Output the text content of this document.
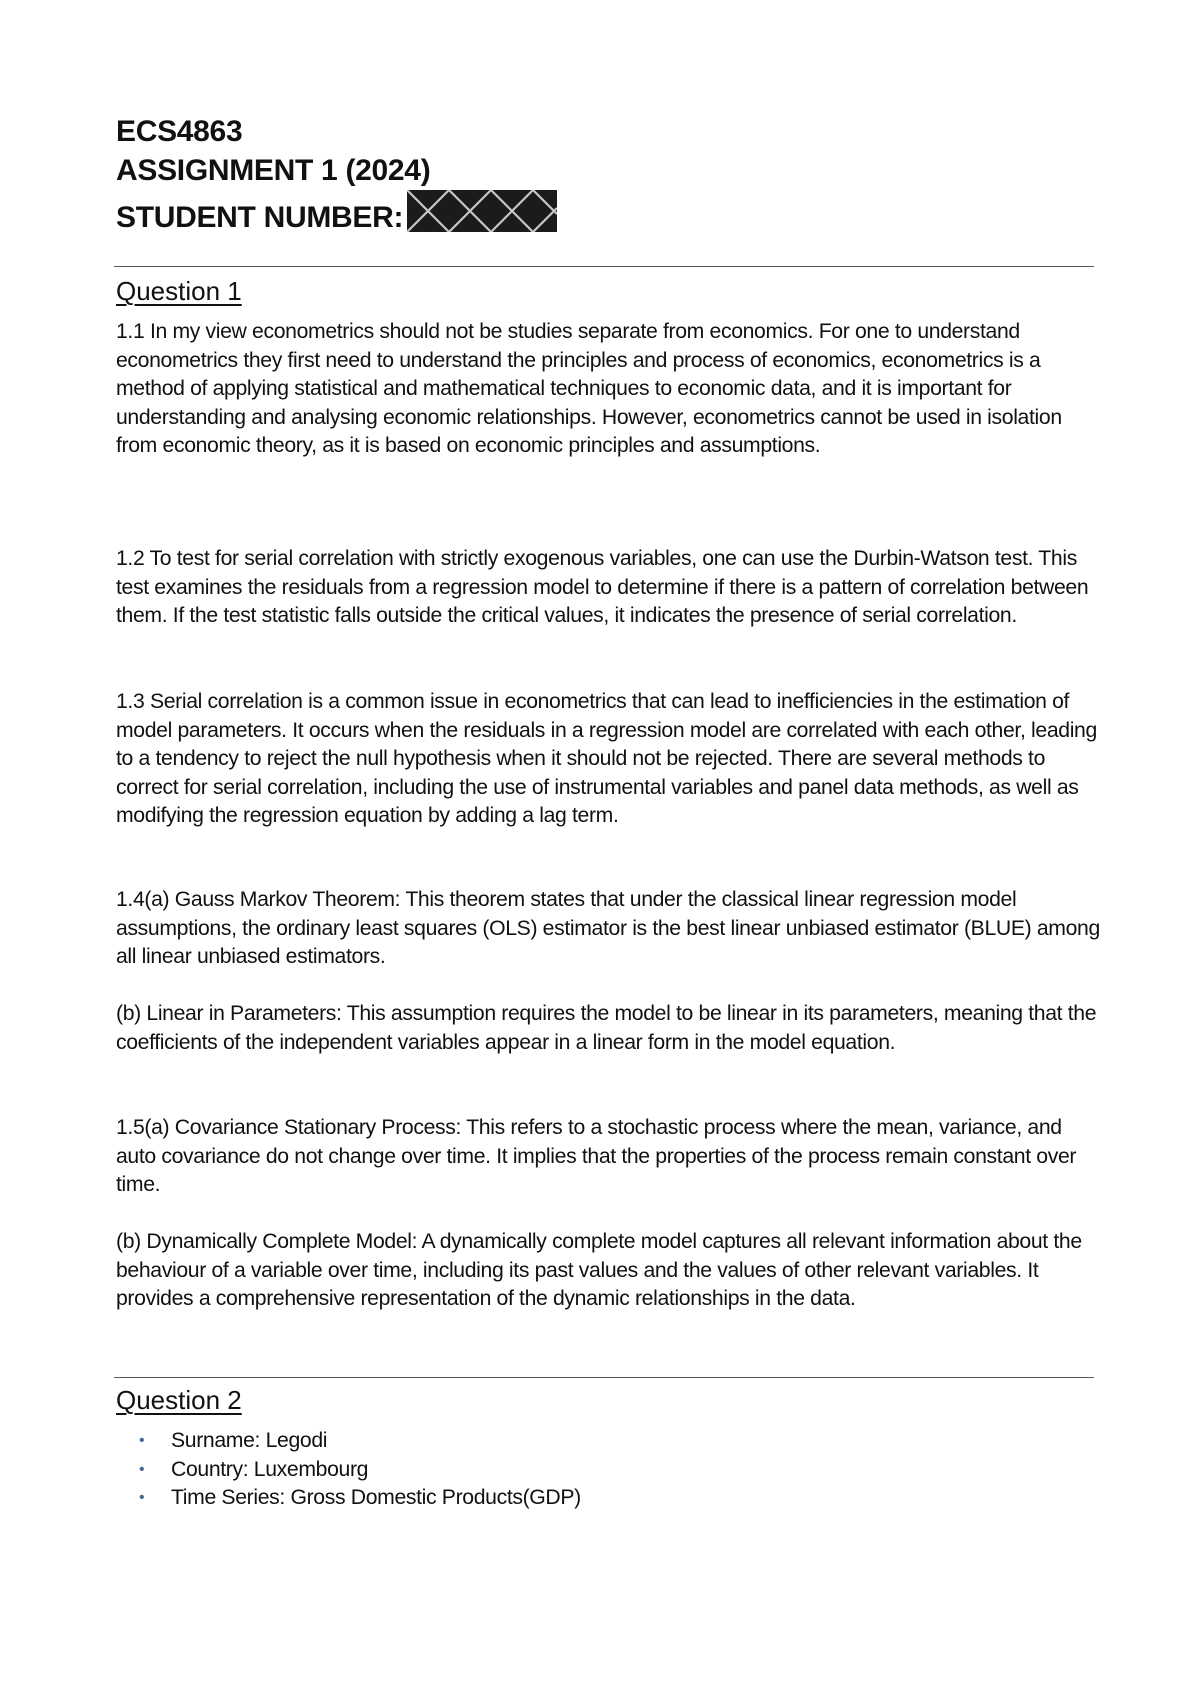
ECS4863
ASSIGNMENT 1 (2024)
STUDENT NUMBER:
Question 1

1.1 In my view econometrics should not be studies separate from economics. For one to understand econometrics they first need to understand the principles and process of economics, econometrics is a method of applying statistical and mathematical techniques to economic data, and it is important for understanding and analysing economic relationships. However, econometrics cannot be used in isolation from economic theory, as it is based on economic principles and assumptions.

1.2 To test for serial correlation with strictly exogenous variables, one can use the Durbin-Watson test. This test examines the residuals from a regression model to determine if there is a pattern of correlation between them. If the test statistic falls outside the critical values, it indicates the presence of serial correlation.

1.3 Serial correlation is a common issue in econometrics that can lead to inefficiencies in the estimation of model parameters. It occurs when the residuals in a regression model are correlated with each other, leading to a tendency to reject the null hypothesis when it should not be rejected. There are several methods to correct for serial correlation, including the use of instrumental variables and panel data methods, as well as modifying the regression equation by adding a lag term.

1.4(a) Gauss Markov Theorem: This theorem states that under the classical linear regression model assumptions, the ordinary least squares (OLS) estimator is the best linear unbiased estimator (BLUE) among all linear unbiased estimators.

(b) Linear in Parameters: This assumption requires the model to be linear in its parameters, meaning that the coefficients of the independent variables appear in a linear form in the model equation.

1.5(a) Covariance Stationary Process: This refers to a stochastic process where the mean, variance, and auto covariance do not change over time. It implies that the properties of the process remain constant over time.

(b) Dynamically Complete Model: A dynamically complete model captures all relevant information about the behaviour of a variable over time, including its past values and the values of other relevant variables. It provides a comprehensive representation of the dynamic relationships in the data.

Question 2
• Surname: Legodi
• Country: Luxembourg
• Time Series: Gross Domestic Products(GDP)
